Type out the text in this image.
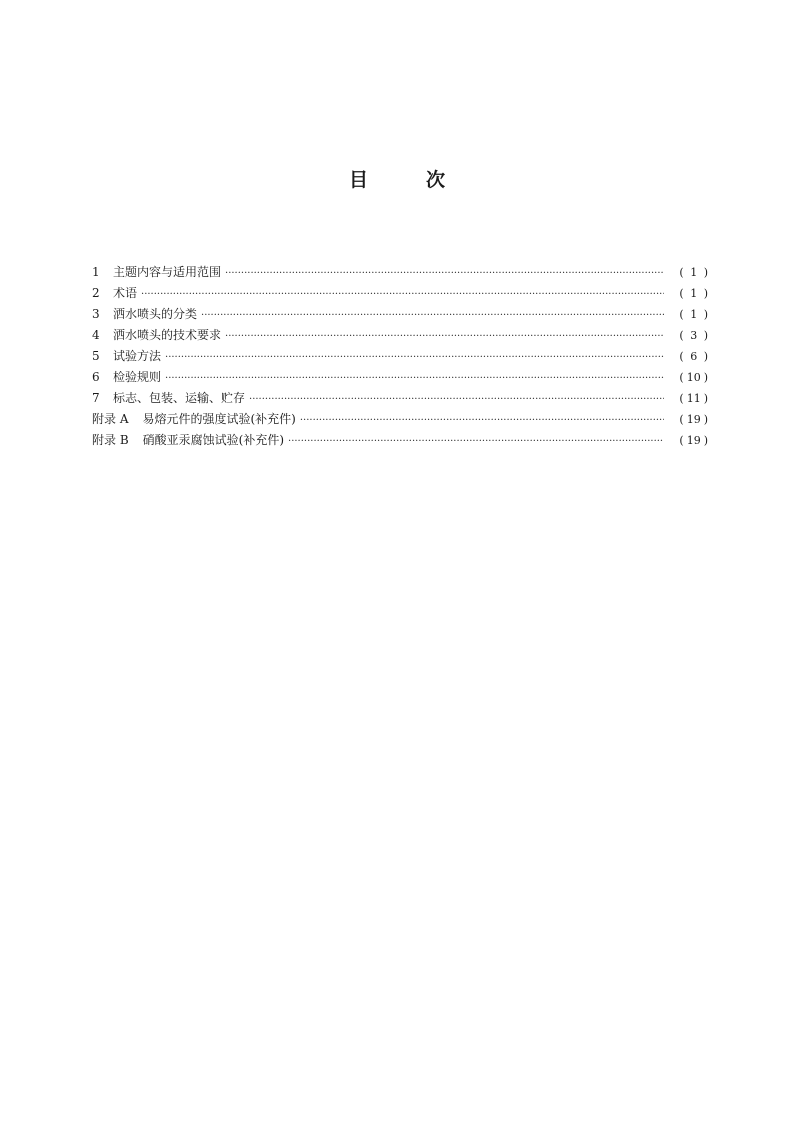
目	次
1	主题内容与适用范围 ·····	( 1 )
2	术语 ·····	( 1 )
3	洒水喷头的分类 ·····	( 1 )
4	洒水喷头的技术要求 ·····	( 3 )
5	试验方法 ·····	( 6 )
6	检验规则 ·····	( 10 )
7	标志、包装、运输、贮存 ·····	( 11 )
附录 A 易熔元件的强度试验(补充件) ·····	( 19 )
附录 B 硝酸亚汞腐蚀试验(补充件) ·····	( 19 )
